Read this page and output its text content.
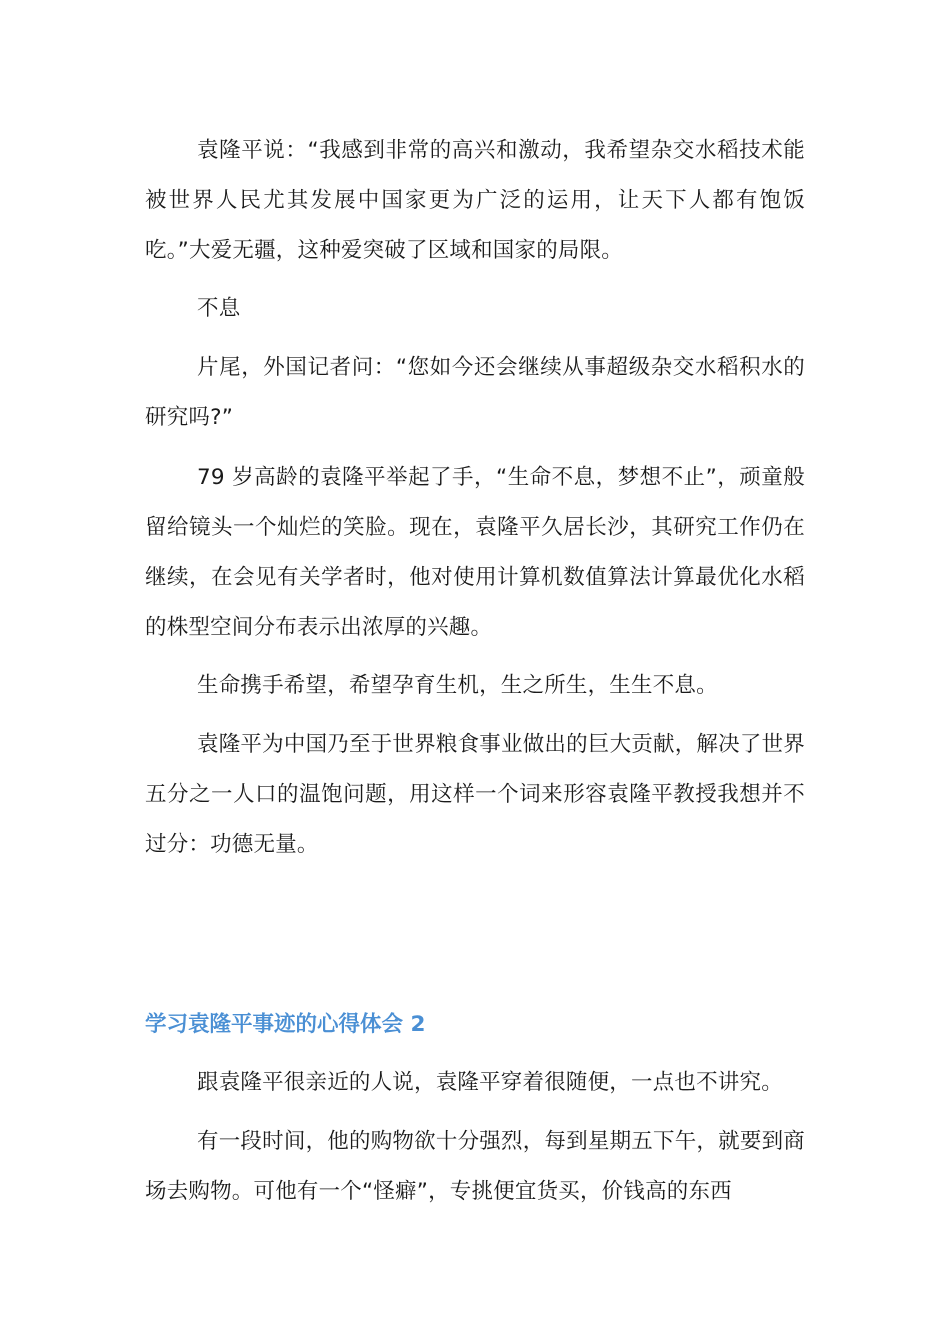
袁隆平说：“我感到非常的高兴和激动，我希望杂交水稻技术能被世界人民尤其发展中国家更为广泛的运用，让天下人都有饱饭吃。”大爱无疆，这种爱突破了区域和国家的局限。

不息

片尾，外国记者问：“您如今还会继续从事超级杂交水稻积水的研究吗?”

79 岁高龄的袁隆平举起了手，“生命不息，梦想不止”，顽童般留给镜头一个灿烂的笑脸。现在，袁隆平久居长沙，其研究工作仍在继续，在会见有关学者时，他对使用计算机数值算法计算最优化水稻的株型空间分布表示出浓厚的兴趣。

生命携手希望，希望孕育生机，生之所生，生生不息。

袁隆平为中国乃至于世界粮食事业做出的巨大贡献，解决了世界五分之一人口的温饱问题，用这样一个词来形容袁隆平教授我想并不过分：功德无量。

学习袁隆平事迹的心得体会 2

跟袁隆平很亲近的人说，袁隆平穿着很随便，一点也不讲究。

有一段时间，他的购物欲十分强烈，每到星期五下午，就要到商场去购物。可他有一个“怪癖”，专挑便宜货买，价钱高的东西
